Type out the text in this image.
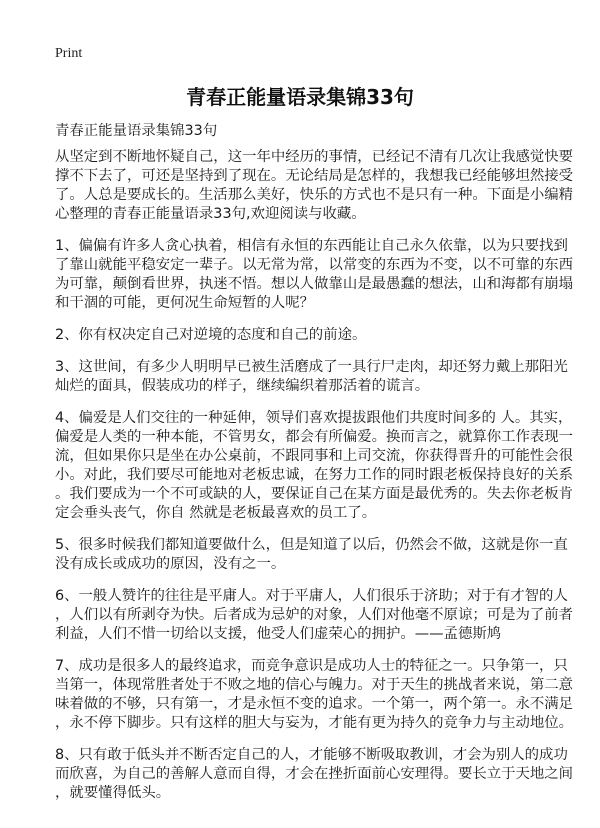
Print
青春正能量语录集锦33句
青春正能量语录集锦33句
从坚定到不断地怀疑自己，这一年中经历的事情，已经记不清有几次让我感觉快要
撑不下去了，可还是坚持到了现在。无论结局是怎样的，我想我已经能够坦然接受
了。人总是要成长的。生活那么美好，快乐的方式也不是只有一种。下面是小编精
心整理的青春正能量语录33句,欢迎阅读与收藏。
1、偏偏有许多人贪心执着，相信有永恒的东西能让自己永久依靠，以为只要找到
了靠山就能平稳安定一辈子。以无常为常，以常变的东西为不变，以不可靠的东西
为可靠，颠倒看世界，执迷不悟。想以人做靠山是最愚蠢的想法，山和海都有崩塌
和干涸的可能，更何况生命短暂的人呢？
2、你有权决定自己对逆境的态度和自己的前途。
3、这世间，有多少人明明早已被生活磨成了一具行尸走肉，却还努力戴上那阳光
灿烂的面具，假装成功的样子，继续编织着那活着的谎言。
4、偏爱是人们交往的一种延伸，领导们喜欢提拔跟他们共度时间多的 人。其实，
偏爱是人类的一种本能，不管男女，都会有所偏爱。换而言之，就算你工作表现一
流，但如果你只是坐在办公桌前，不跟同事和上司交流，你获得晋升的可能性会很
小。对此，我们要尽可能地对老板忠诚，在努力工作的同时跟老板保持良好的关系
。我们要成为一个不可或缺的人，要保证自己在某方面是最优秀的。失去你老板肯
定会垂头丧气，你自 然就是老板最喜欢的员工了。
5、很多时候我们都知道要做什么，但是知道了以后，仍然会不做，这就是你一直
没有成长或成功的原因，没有之一。
6、一般人赞许的往往是平庸人。对于平庸人，人们很乐于济助；对于有才智的人
，人们以有所剥夺为快。后者成为忌妒的对象，人们对他毫不原谅；可是为了前者
利益，人们不惜一切给以支援，他受人们虚荣心的拥护。——孟德斯鸠
7、成功是很多人的最终追求，而竞争意识是成功人士的特征之一。只争第一，只
当第一，体现常胜者处于不败之地的信心与魄力。对于天生的挑战者来说，第二意
味着做的不够，只有第一，才是永恒不变的追求。一个第一，两个第一。永不满足
，永不停下脚步。只有这样的胆大与妄为，才能有更为持久的竞争力与主动地位。
8、只有敢于低头并不断否定自己的人，才能够不断吸取教训，才会为别人的成功
而欣喜，为自己的善解人意而自得，才会在挫折面前心安理得。要长立于天地之间
，就要懂得低头。
